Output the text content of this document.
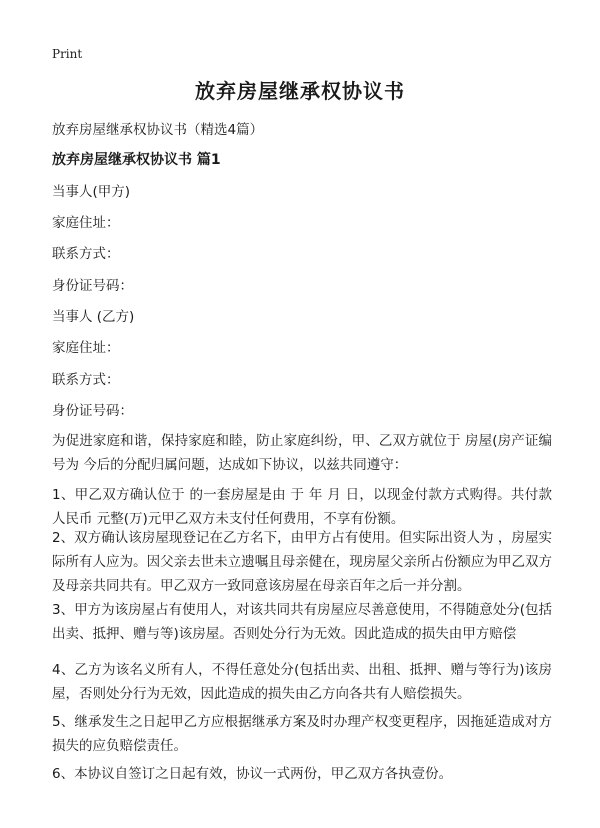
Print
放弃房屋继承权协议书
放弃房屋继承权协议书（精选4篇）
放弃房屋继承权协议书 篇1
当事人(甲方)
家庭住址：
联系方式：
身份证号码：
当事人 (乙方)
家庭住址：
联系方式：
身份证号码：
为促进家庭和谐，保持家庭和睦，防止家庭纠纷，甲、乙双方就位于 房屋(房产证编号为 今后的分配归属问题，达成如下协议，以兹共同遵守：
1、甲乙双方确认位于 的一套房屋是由 于 年 月 日，以现金付款方式购得。共付款人民币 元整(万)元甲乙双方未支付任何费用，不享有份额。
2、双方确认该房屋现登记在乙方名下，由甲方占有使用。但实际出资人为 ，房屋实际所有人应为。因父亲去世未立遗嘱且母亲健在，现房屋父亲所占份额应为甲乙双方及母亲共同共有。甲乙双方一致同意该房屋在母亲百年之后一并分割。
3、甲方为该房屋占有使用人，对该共同共有房屋应尽善意使用，不得随意处分(包括出卖、抵押、赠与等)该房屋。否则处分行为无效。因此造成的损失由甲方赔偿
4、乙方为该名义所有人，不得任意处分(包括出卖、出租、抵押、赠与等行为)该房屋，否则处分行为无效，因此造成的损失由乙方向各共有人赔偿损失。
5、继承发生之日起甲乙方应根据继承方案及时办理产权变更程序，因拖延造成对方损失的应负赔偿责任。
6、本协议自签订之日起有效，协议一式两份，甲乙双方各执壹份。
